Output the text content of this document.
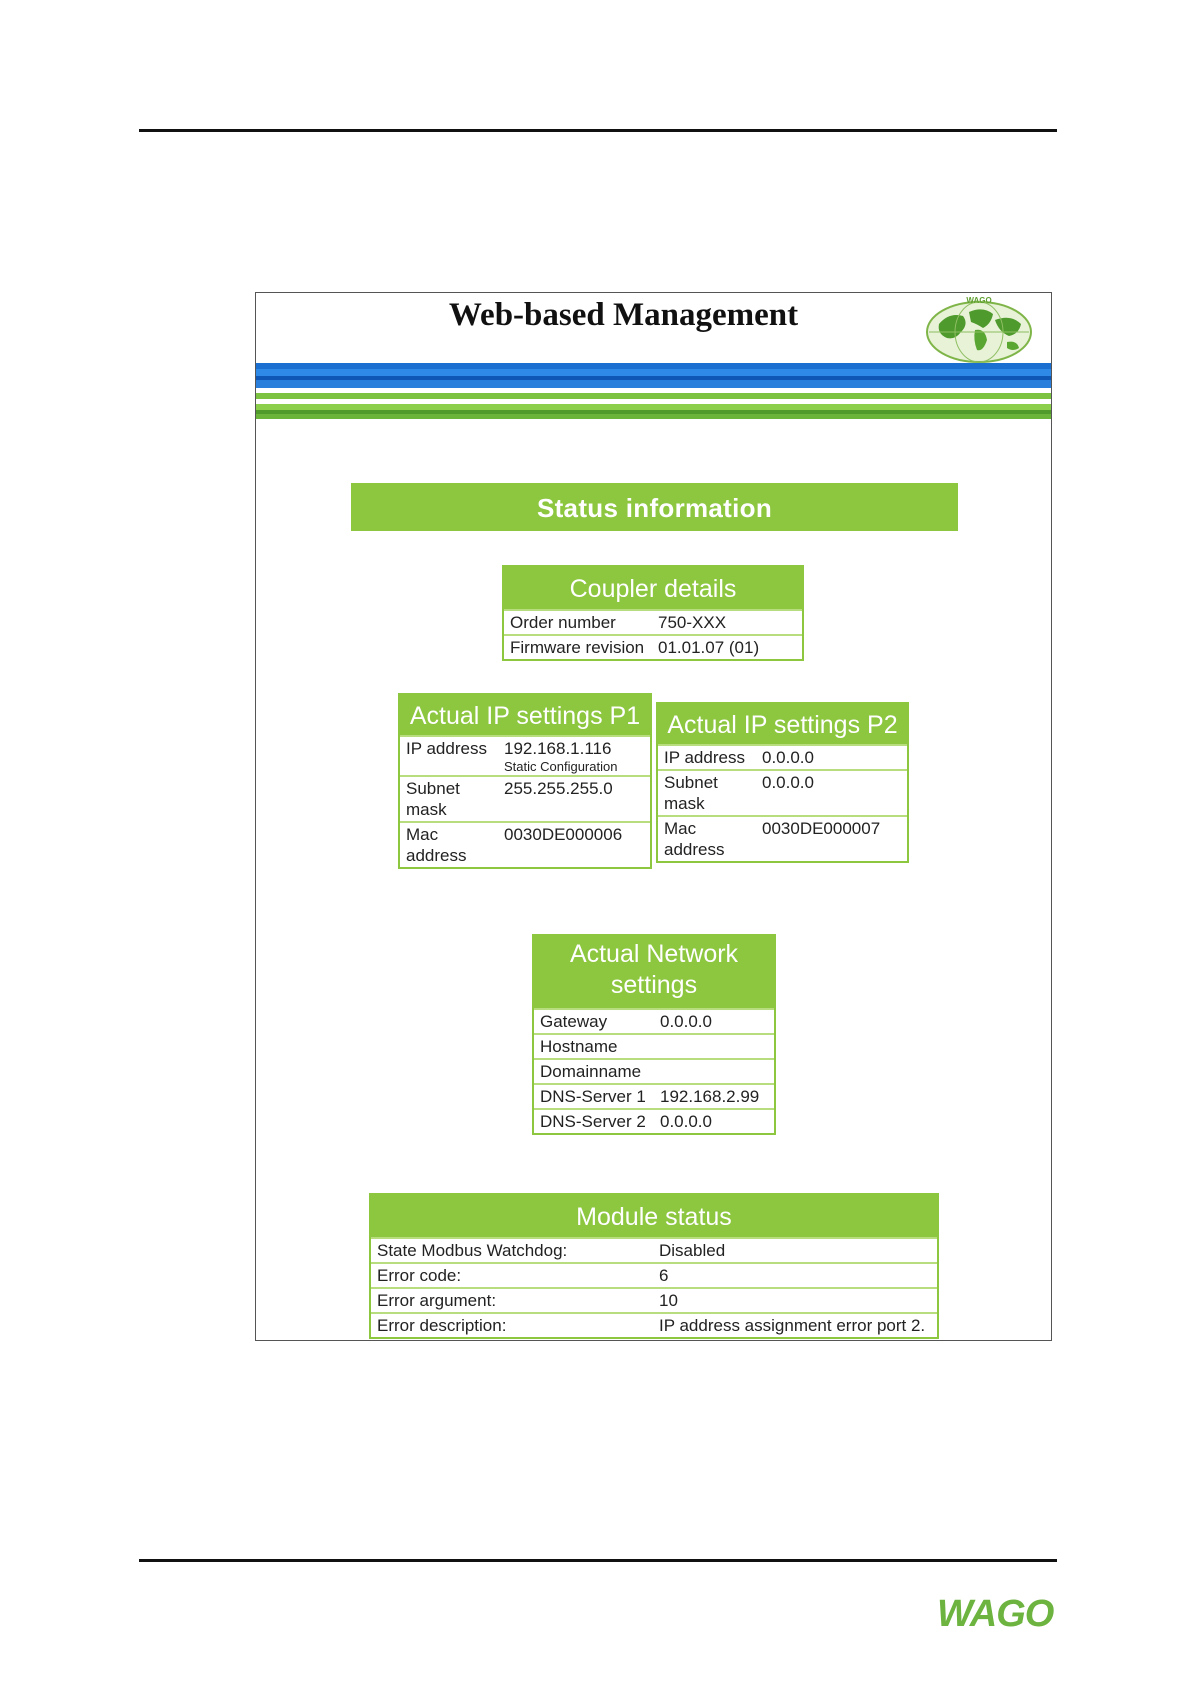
Web-based Management	WAGO
Status information
Coupler details
Order number	750-XXX
Firmware revision	01.01.07 (01)
Actual IP settings P1
IP address	192.168.1.116
Static Configuration

Subnet mask	255.255.255.0
Mac address	0030DE000006
Actual IP settings P2
IP address	0.0.0.0
Subnet mask	0.0.0.0
Mac address	0030DE000007
Actual Network settings
Gateway	0.0.0.0
Hostname	
Domainname	
DNS-Server 1	192.168.2.99
DNS-Server 2	0.0.0.0
Module status
State Modbus Watchdog:	Disabled
Error code:	6
Error argument:	10
Error description:	IP address assignment error port 2.
WAGO
